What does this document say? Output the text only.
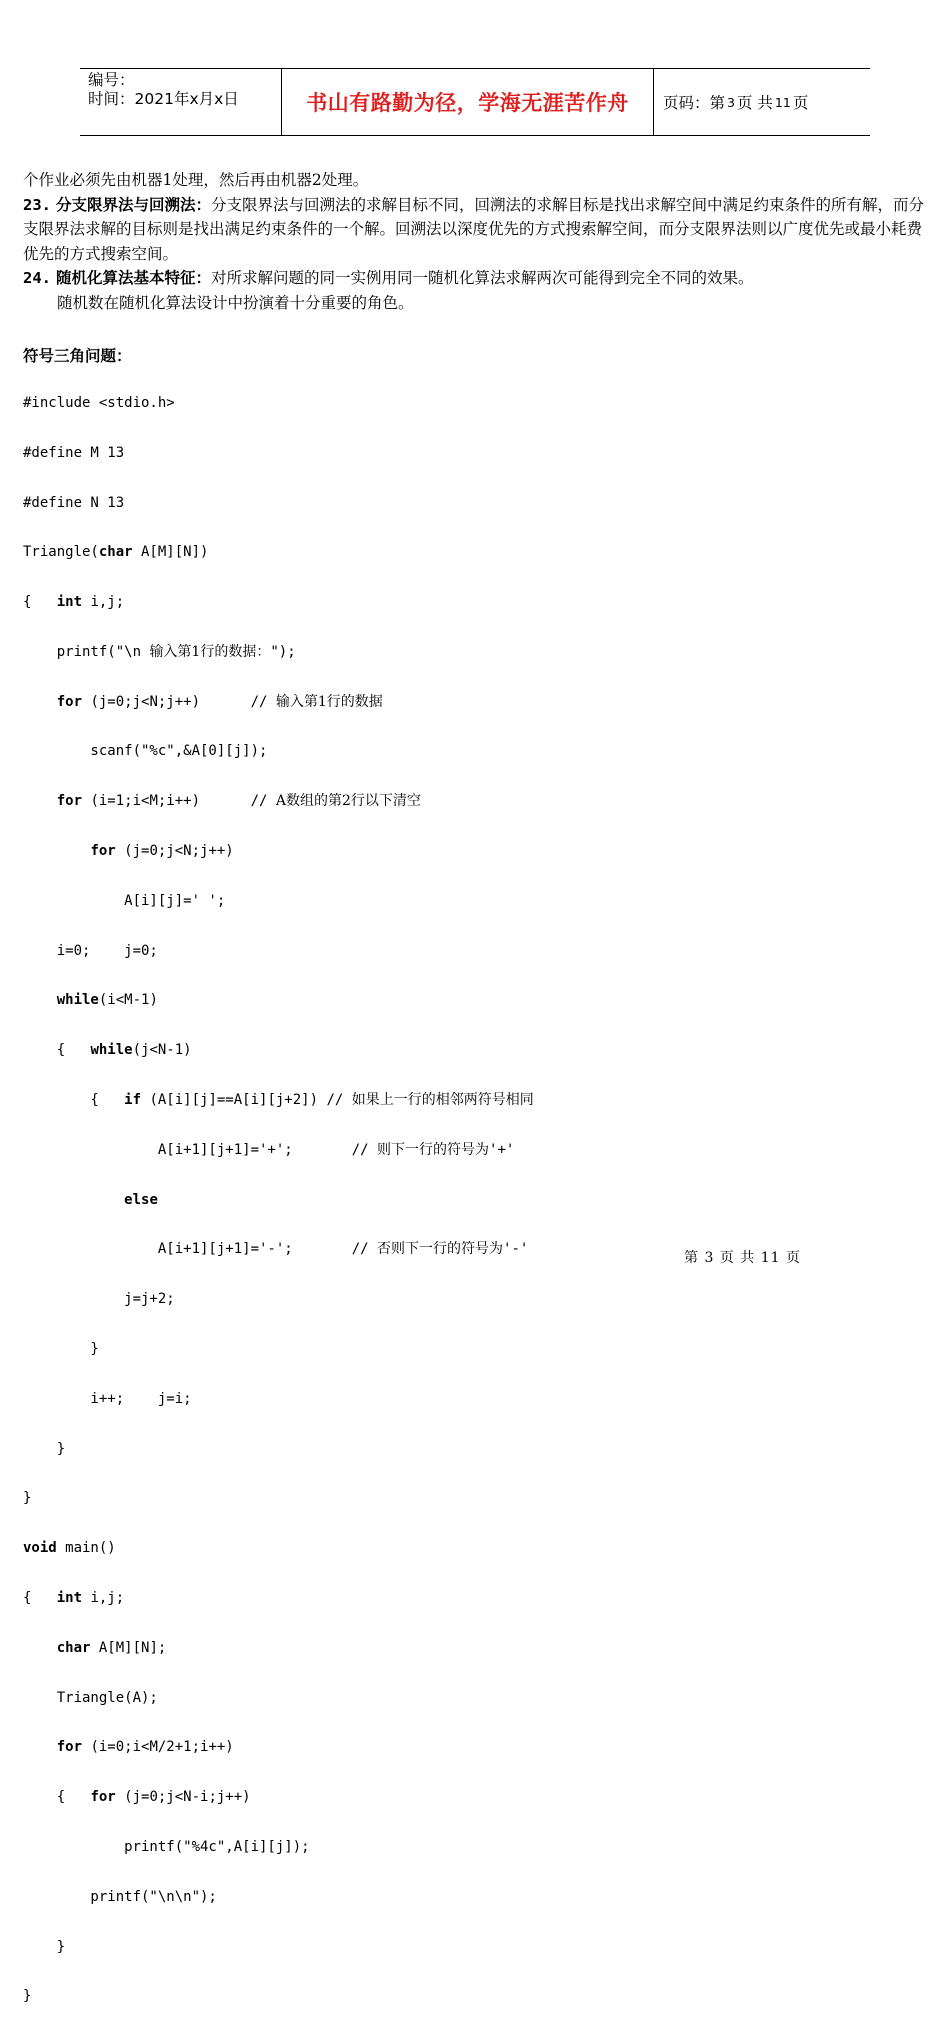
编号：
时间：2021年x月x日	书山有路勤为径，学海无涯苦作舟	页码：第 3 页 共 11 页

个作业必须先由机器1处理，然后再由机器2处理。

23. 分支限界法与回溯法：分支限界法与回溯法的求解目标不同，回溯法的求解目标是找出求解空间中满足约束条件的所有解，而分支限界法求解的目标则是找出满足约束条件的一个解。回溯法以深度优先的方式搜索解空间，而分支限界法则以广度优先或最小耗费优先的方式搜索空间。

24. 随机化算法基本特征：对所求解问题的同一实例用同一随机化算法求解两次可能得到完全不同的效果。

随机数在随机化算法设计中扮演着十分重要的角色。

符号三角问题：

#include <stdio.h>

#define M 13

#define N 13

Triangle(char A[M][N])

{   int i,j;

printf("\n 输入第1行的数据：");

for (j=0;j<N;j++)      // 输入第1行的数据

scanf("%c",&A[0][j]);

for (i=1;i<M;i++)      // A数组的第2行以下清空

for (j=0;j<N;j++)

A[i][j]=' ';

i=0;    j=0;

while(i<M-1)

{   while(j<N-1)

{   if (A[i][j]==A[i][j+2]) // 如果上一行的相邻两符号相同

A[i+1][j+1]='+';       // 则下一行的符号为'+'

else

A[i+1][j+1]='-';       // 否则下一行的符号为'-'

j=j+2;

}

i++;    j=i;

}

}

void main()

{   int i,j;

char A[M][N];

Triangle(A);

for (i=0;i<M/2+1;i++)

{   for (j=0;j<N-i;j++)

printf("%4c",A[i][j]);

printf("\n\n");

}

}

第 3 页 共 11 页
